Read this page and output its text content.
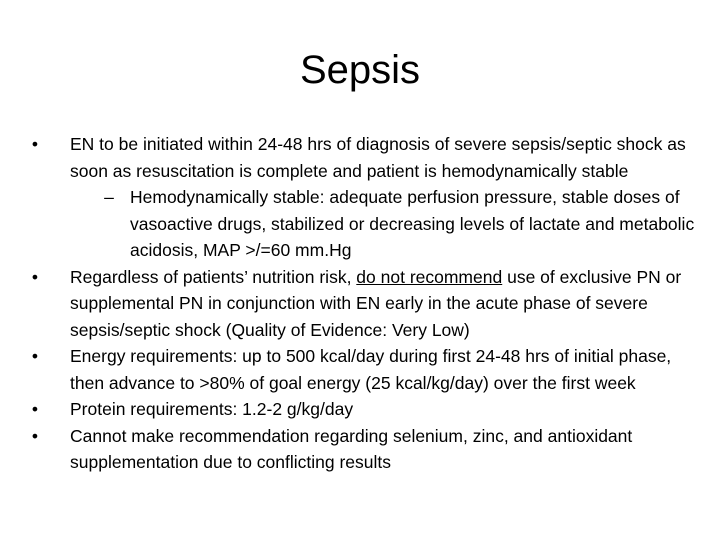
Sepsis
• EN to be initiated within 24-48 hrs of diagnosis of severe sepsis/septic shock as soon as resuscitation is complete and patient is hemodynamically stable
– Hemodynamically stable: adequate perfusion pressure, stable doses of vasoactive drugs, stabilized or decreasing levels of lactate and metabolic acidosis, MAP >/=60 mm.Hg
• Regardless of patients’ nutrition risk, do not recommend use of exclusive PN or supplemental PN in conjunction with EN early in the acute phase of severe sepsis/septic shock (Quality of Evidence: Very Low)
• Energy requirements: up to 500 kcal/day during first 24-48 hrs of initial phase, then advance to >80% of goal energy (25 kcal/kg/day) over the first week
• Protein requirements: 1.2-2 g/kg/day
• Cannot make recommendation regarding selenium, zinc, and antioxidant supplementation due to conflicting results
